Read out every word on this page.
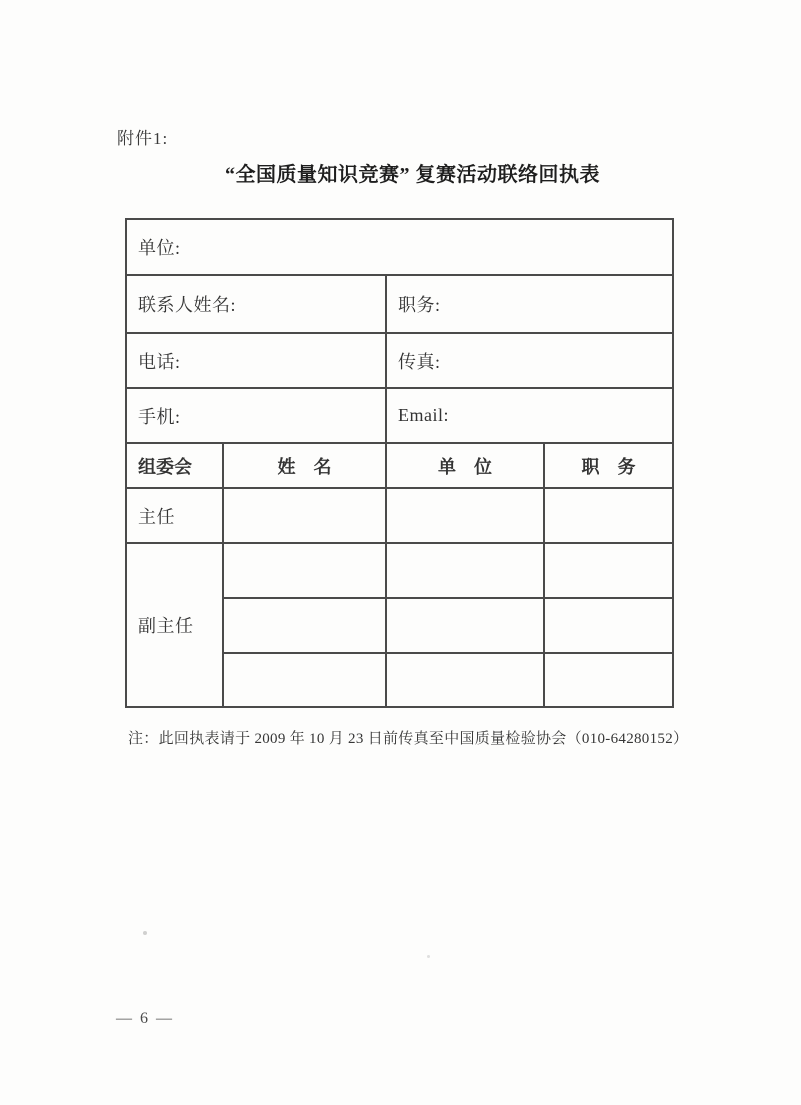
附件1:
“全国质量知识竞赛” 复赛活动联络回执表
单位:			
联系人姓名:		职务:	
电话:		传真:	
手机:		Email:	
组委会	姓　名	单　位	职　务
主任			
副主任			

注：此回执表请于 2009 年 10 月 23 日前传真至中国质量检验协会（010-64280152）
— 6 —
